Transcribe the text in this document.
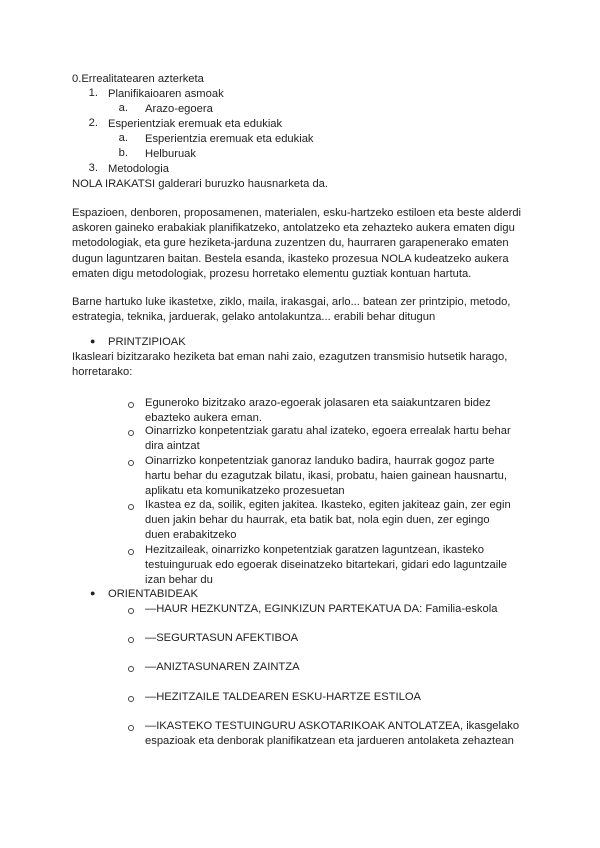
0.Errealitatearen azterketa
1. Planifikaioaren asmoak
a. Arazo-egoera
2. Esperientziak eremuak eta edukiak
a. Esperientzia eremuak eta edukiak
b. Helburuak
3. Metodologia
NOLA IRAKATSI galderari buruzko hausnarketa da.
Espazioen, denboren, proposamenen, materialen, esku-hartzeko estiloen eta beste alderdi askoren gaineko erabakiak planifikatzeko, antolatzeko eta zehazteko aukera ematen digu metodologiak, eta gure heziketa-jarduna zuzentzen du, haurraren garapenerako ematen dugun laguntzaren baitan. Bestela esanda, ikasteko prozesua NOLA kudeatzeko aukera ematen digu metodologiak, prozesu horretako elementu guztiak kontuan hartuta.
Barne hartuko luke ikastetxe, ziklo, maila, irakasgai, arlo... batean zer printzipio, metodo, estrategia, teknika, jarduerak, gelako antolakuntza... erabili behar ditugun
● PRINTZIPIOAK
Ikasleari bizitzarako heziketa bat eman nahi zaio, ezagutzen transmisio hutsetik harago, horretarako:
Eguneroko bizitzako arazo-egoerak jolasaren eta saiakuntzaren bidez ebazteko aukera eman.
Oinarrizko konpetentziak garatu ahal izateko, egoera errealak hartu behar dira aintzat
Oinarrizko konpetentziak ganoraz landuko badira, haurrak gogoz parte hartu behar du ezagutzak bilatu, ikasi, probatu, haien gainean hausnartu, aplikatu eta komunikatzeko prozesuetan
Ikastea ez da, soilik, egiten jakitea. Ikasteko, egiten jakiteaz gain, zer egin duen jakin behar du haurrak, eta batik bat, nola egin duen, zer egingo duen erabakitzeko
Hezitzaileak, oinarrizko konpetentziak garatzen laguntzean, ikasteko testuinguruak edo egoerak diseinatzeko bitartekari, gidari edo laguntzaile izan behar du
● ORIENTABIDEAK
—HAUR HEZKUNTZA, EGINKIZUN PARTEKATUA DA: Familia-eskola
—SEGURTASUN AFEKTIBOA
—ANIZTASUNAREN ZAINTZA
—HEZITZAILE TALDEAREN ESKU-HARTZE ESTILOA
—IKASTEKO TESTUINGURU ASKOTARIKOAK ANTOLATZEA, ikasgelako espazioak eta denborak planifikatzean eta jardueren antolaketa zehaztean
